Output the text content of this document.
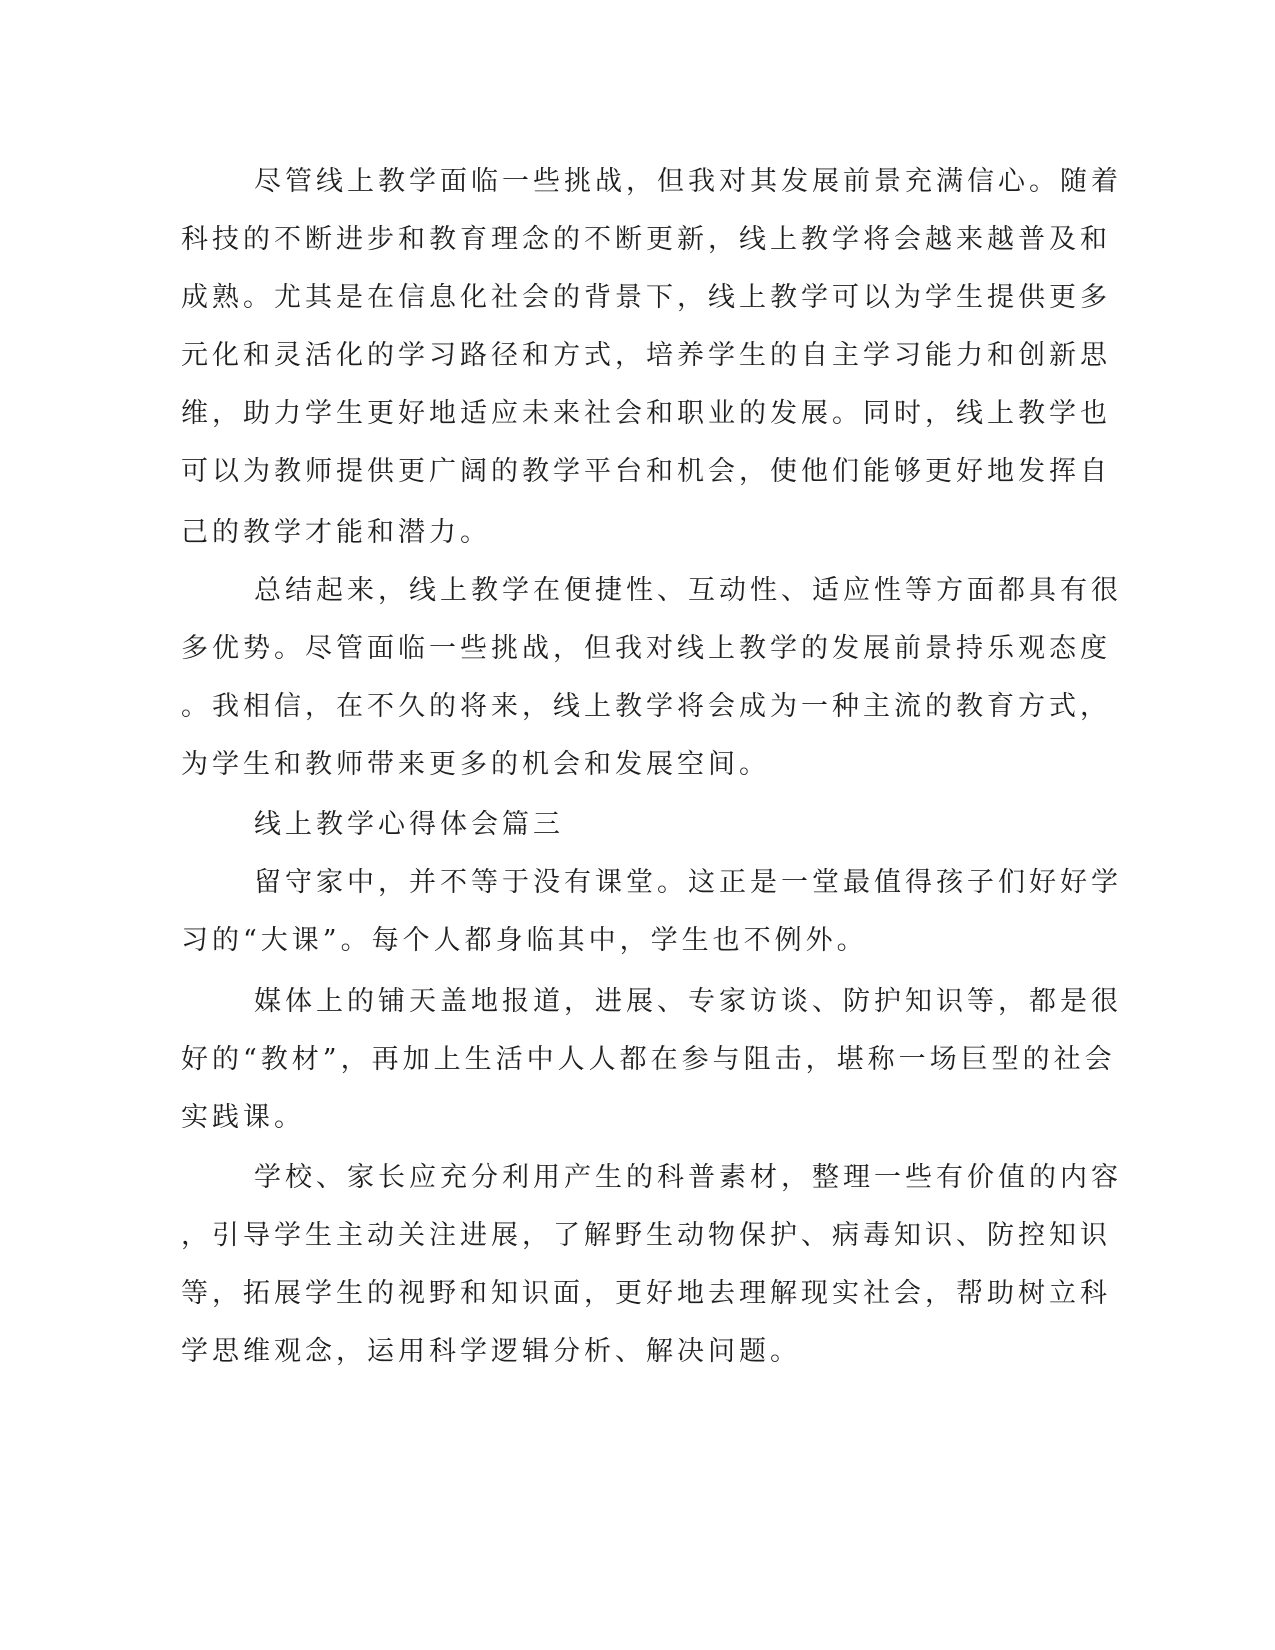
尽管线上教学面临一些挑战，但我对其发展前景充满信心。随着
科技的不断进步和教育理念的不断更新，线上教学将会越来越普及和
成熟。尤其是在信息化社会的背景下，线上教学可以为学生提供更多
元化和灵活化的学习路径和方式，培养学生的自主学习能力和创新思
维，助力学生更好地适应未来社会和职业的发展。同时，线上教学也
可以为教师提供更广阔的教学平台和机会，使他们能够更好地发挥自
己的教学才能和潜力。
总结起来，线上教学在便捷性、互动性、适应性等方面都具有很
多优势。尽管面临一些挑战，但我对线上教学的发展前景持乐观态度
。我相信，在不久的将来，线上教学将会成为一种主流的教育方式，
为学生和教师带来更多的机会和发展空间。
线上教学心得体会篇三
留守家中，并不等于没有课堂。这正是一堂最值得孩子们好好学
习的“大课”。每个人都身临其中，学生也不例外。
媒体上的铺天盖地报道，进展、专家访谈、防护知识等，都是很
好的“教材”，再加上生活中人人都在参与阻击，堪称一场巨型的社会
实践课。
学校、家长应充分利用产生的科普素材，整理一些有价值的内容
，引导学生主动关注进展，了解野生动物保护、病毒知识、防控知识
等，拓展学生的视野和知识面，更好地去理解现实社会，帮助树立科
学思维观念，运用科学逻辑分析、解决问题。
